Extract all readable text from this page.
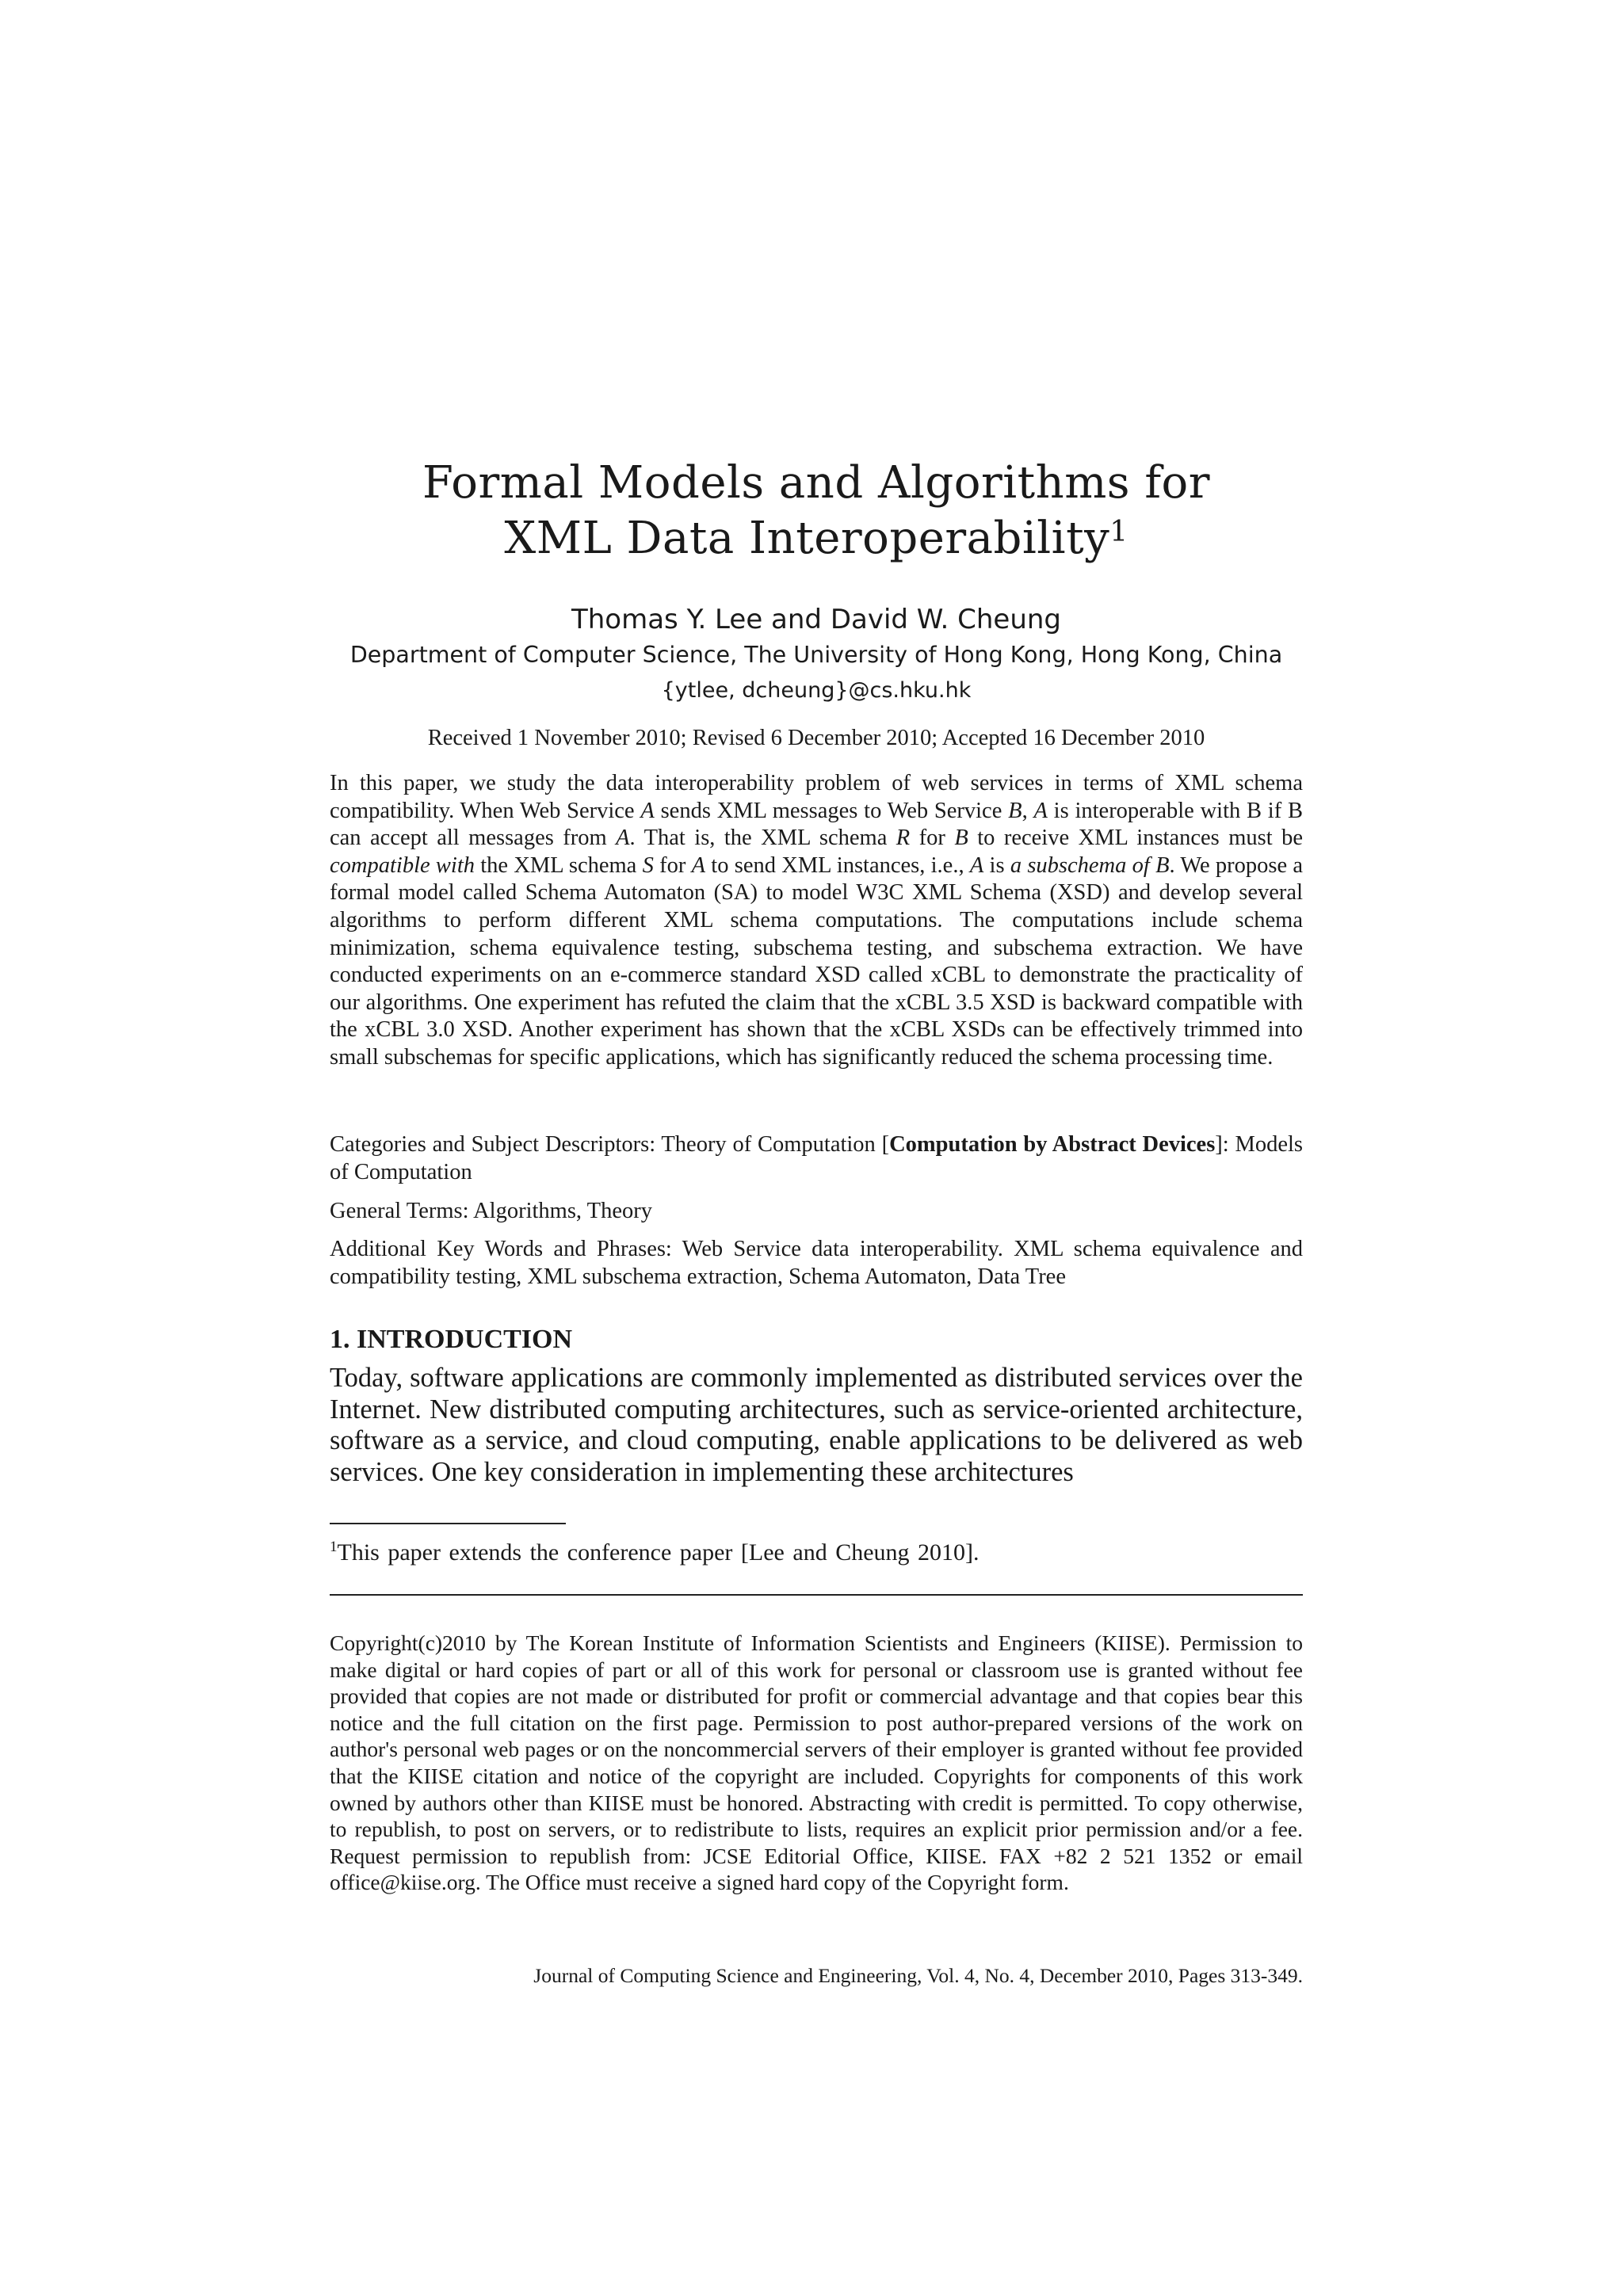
Formal Models and Algorithms for
XML Data Interoperability$^1$
Thomas Y. Lee and David W. Cheung
Department of Computer Science, The University of Hong Kong, Hong Kong, China
{ytlee, dcheung}@cs.hku.hk
Received 1 November 2010; Revised 6 December 2010; Accepted 16 December 2010

In this paper, we study the data interoperability problem of web services in terms of XML schema compatibility. When Web Service A sends XML messages to Web Service B, A is interoperable with B if B can accept all messages from A. That is, the XML schema R for B to receive XML instances must be compatible with the XML schema S for A to send XML instances, i.e., A is a subschema of B. We propose a formal model called Schema Automaton (SA) to model W3C XML Schema (XSD) and develop several algorithms to perform different XML schema computations. The computations include schema minimization, schema equivalence testing, subschema testing, and subschema extraction. We have conducted experiments on an e-commerce standard XSD called xCBL to demonstrate the practicality of our algorithms. One experiment has refuted the claim that the xCBL 3.5 XSD is backward compatible with the xCBL 3.0 XSD. Another experiment has shown that the xCBL XSDs can be effectively trimmed into small subschemas for specific applications, which has significantly reduced the schema processing time.

Categories and Subject Descriptors: Theory of Computation [Computation by Abstract Devices]: Models of Computation

General Terms: Algorithms, Theory

Additional Key Words and Phrases: Web Service data interoperability. XML schema equivalence and compatibility testing, XML subschema extraction, Schema Automaton, Data Tree

1. INTRODUCTION

Today, software applications are commonly implemented as distributed services over the Internet. New distributed computing architectures, such as service-oriented architecture, software as a service, and cloud computing, enable applications to be delivered as web services. One key consideration in implementing these architectures

$^1$This paper extends the conference paper [Lee and Cheung 2010].

Copyright(c)2010 by The Korean Institute of Information Scientists and Engineers (KIISE). Permission to make digital or hard copies of part or all of this work for personal or classroom use is granted without fee provided that copies are not made or distributed for profit or commercial advantage and that copies bear this notice and the full citation on the first page. Permission to post author-prepared versions of the work on author's personal web pages or on the noncommercial servers of their employer is granted without fee provided that the KIISE citation and notice of the copyright are included. Copyrights for components of this work owned by authors other than KIISE must be honored. Abstracting with credit is permitted. To copy otherwise, to republish, to post on servers, or to redistribute to lists, requires an explicit prior permission and/or a fee. Request permission to republish from: JCSE Editorial Office, KIISE. FAX +82 2 521 1352 or email office@kiise.org. The Office must receive a signed hard copy of the Copyright form.

Journal of Computing Science and Engineering, Vol. 4, No. 4, December 2010, Pages 313-349.
